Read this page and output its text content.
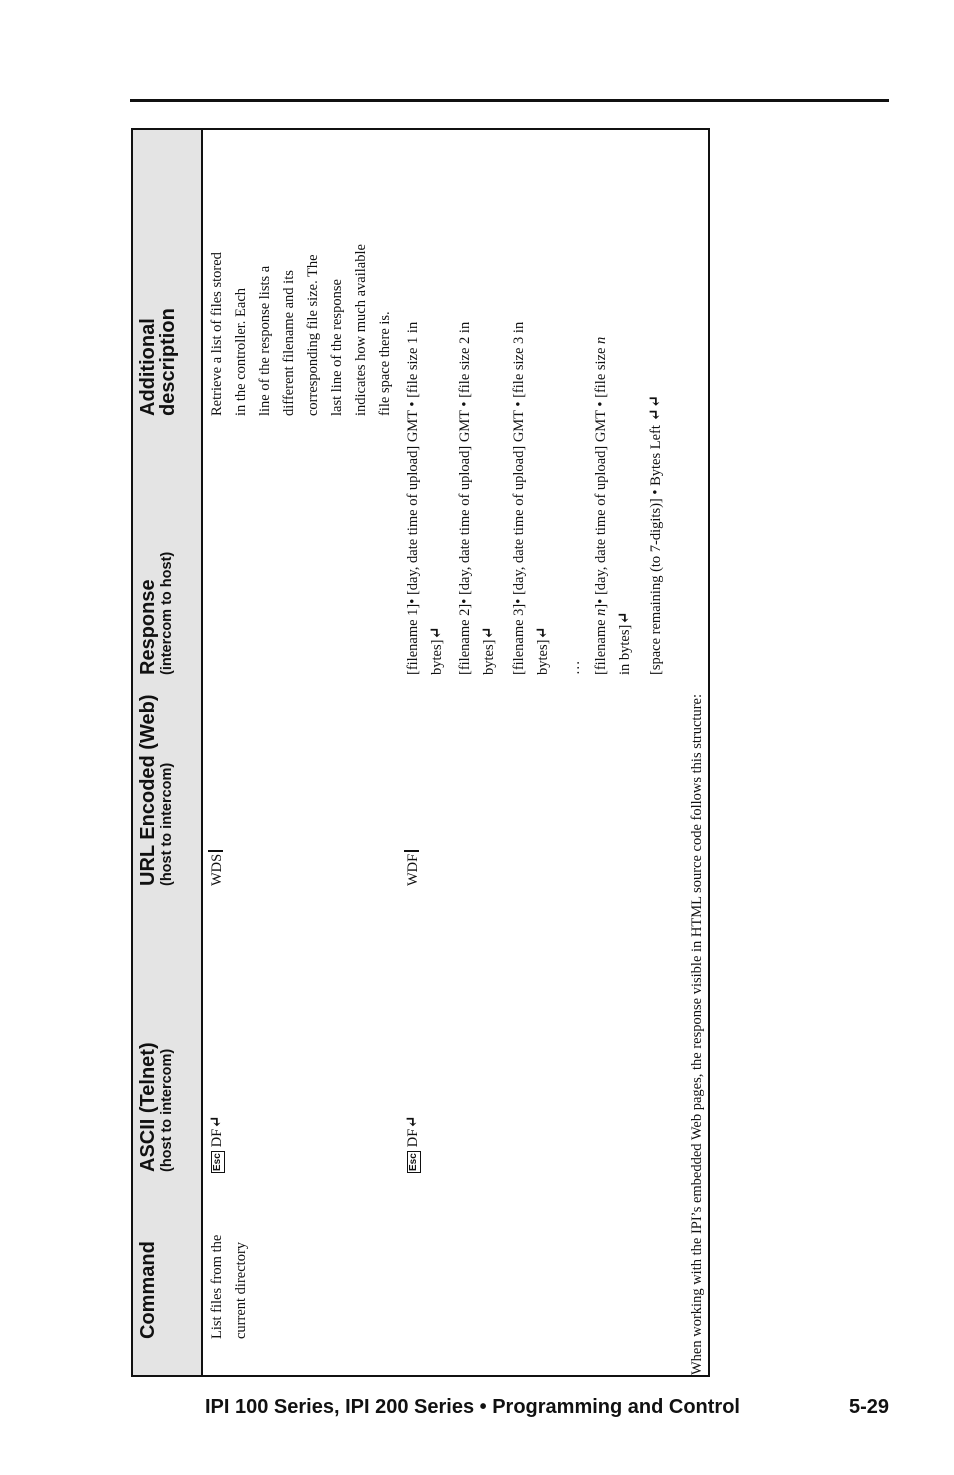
Command
ASCII (Telnet) (host to intercom)
URL Encoded (Web) (host to intercom)
Response (intercom to host)
Additional
description
List files from the current directory
EscDF↵
EscDF↵
WDS	WDF
Retrieve a list of files stored in the controller. Each line of the response lists a different filename and its corresponding file size. The last line of the response indicates how much available file space there is. [filename 1]• [day, date time of upload] GMT • [file size 1 in bytes]↵ [filename 2]• [day, date time of upload] GMT • [file size 2 in bytes]↵ [filename 3]• [day, date time of upload] GMT • [file size 3 in bytes]↵
… [filename n]• [day, date time of upload] GMT • [file size n
in bytes]↵ [space remaining (to 7-digits)] • Bytes Left ↵↵
When working with the IPI’s embedded Web pages, the response visible in HTML source code follows this structure:
IPI 100 Series, IPI 200 Series • Programming and Control	5-29
